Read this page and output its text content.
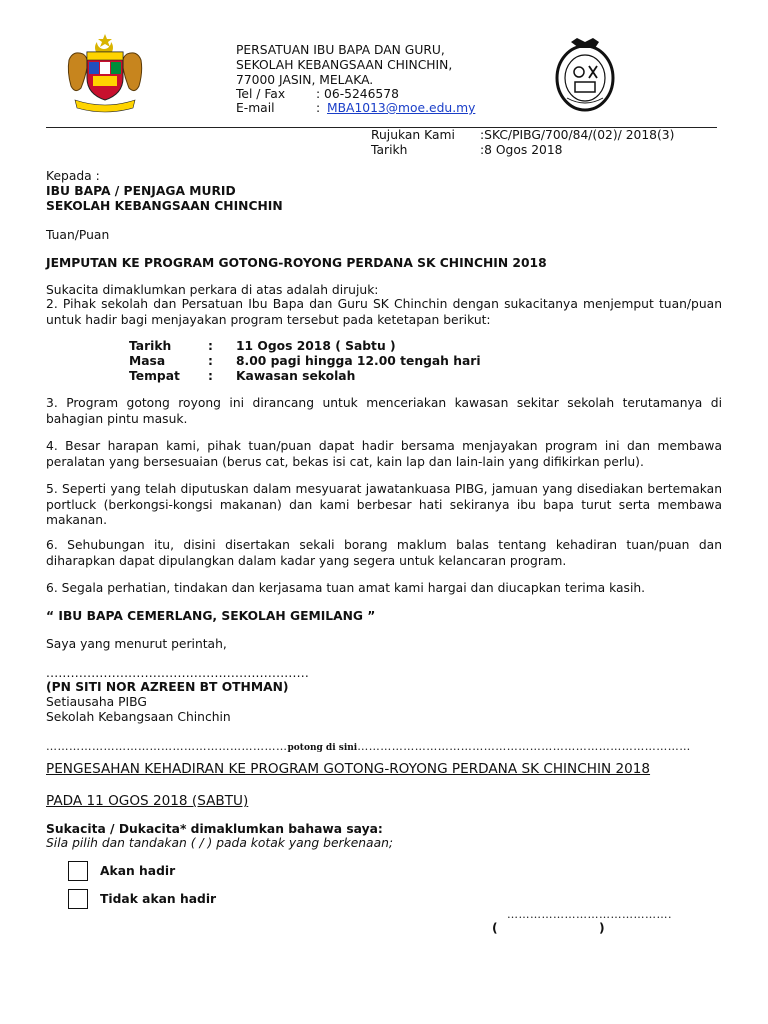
PERSATUAN IBU BAPA DAN GURU,
SEKOLAH KEBANGSAAN CHINCHIN,
77000 JASIN, MELAKA.
Tel / Fax	: 06-5246578
E-mail	: MBA1013@moe.edu.my
Rujukan Kami :SKC/PIBG/700/84/(02)/ 2018(3)
Tarikh	:8 Ogos 2018
Kepada :
IBU BAPA / PENJAGA MURID
SEKOLAH KEBANGSAAN CHINCHIN
Tuan/Puan
JEMPUTAN KE PROGRAM GOTONG-ROYONG PERDANA SK CHINCHIN 2018
Sukacita dimaklumkan perkara di atas adalah dirujuk:
2. Pihak sekolah dan Persatuan Ibu Bapa dan Guru SK Chinchin dengan sukacitanya menjemput tuan/puan untuk hadir bagi menjayakan program tersebut pada ketetapan berikut:
Tarikh	: 11 Ogos 2018 ( Sabtu )
Masa	: 8.00 pagi hingga 12.00 tengah hari
Tempat : Kawasan sekolah
3. Program gotong royong ini dirancang untuk menceriakan kawasan sekitar sekolah terutamanya di bahagian pintu masuk.
4. Besar harapan kami, pihak tuan/puan dapat hadir bersama menjayakan program ini dan membawa peralatan yang bersesuaian (berus cat, bekas isi cat, kain lap dan lain-lain yang difikirkan perlu).
5. Seperti yang telah diputuskan dalam mesyuarat jawatankuasa PIBG, jamuan yang disediakan bertemakan portluck (berkongsi-kongsi makanan) dan kami berbesar hati sekiranya ibu bapa turut serta membawa makanan.
6. Sehubungan itu, disini disertakan sekali borang maklum balas tentang kehadiran tuan/puan dan diharapkan dapat dipulangkan dalam kadar yang segera untuk kelancaran program.
6. Segala perhatian, tindakan dan kerjasama tuan amat kami hargai dan diucapkan terima kasih.
“ IBU BAPA CEMERLANG, SEKOLAH GEMILANG ”
Saya yang menurut perintah,
................................................................
(PN SITI NOR AZREEN BT OTHMAN)
Setiausaha PIBG
Sekolah Kebangsaan Chinchin
………………………………………………………potong di sini……………………………………………………………………………
PENGESAHAN KEHADIRAN KE PROGRAM GOTONG-ROYONG PERDANA SK CHINCHIN 2018
PADA 11 OGOS 2018 (SABTU)
Sukacita / Dukacita* dimaklumkan bahawa saya:
Sila pilih dan tandakan ( / ) pada kotak yang berkenaan;
Akan hadir
Tidak akan hadir
…………………………………….
(	)
